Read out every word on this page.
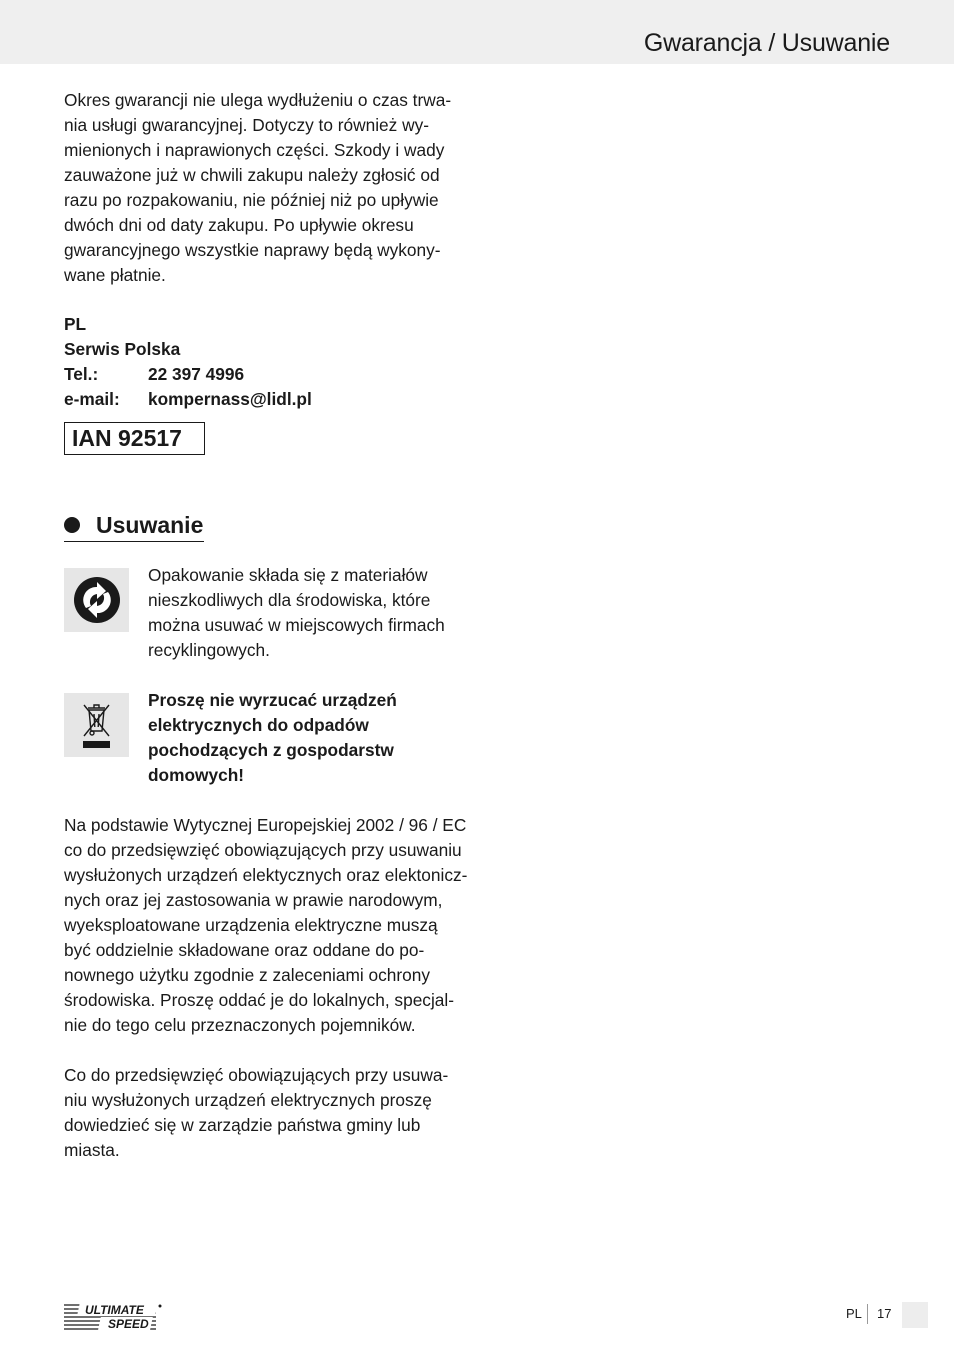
Gwarancja / Usuwanie

Okres gwarancji nie ulega wydłużeniu o czas trwa-
nia usługi gwarancyjnej. Dotyczy to również wy-
mienionych i naprawionych części. Szkody i wady
zauważone już w chwili zakupu należy zgłosić od
razu po rozpakowaniu, nie później niż po upływie
dwóch dni od daty zakupu. Po upływie okresu
gwarancyjnego wszystkie naprawy będą wykony-
wane płatnie.

PL
Serwis Polska
Tel.:	22 397 4996
e-mail:	kompernass@lidl.pl
IAN 92517
Usuwanie

Opakowanie składa się z materiałów
nieszkodliwych dla środowiska, które
można usuwać w miejscowych firmach
recyklingowych.

Proszę nie wyrzucać urządzeń
elektrycznych do odpadów
pochodzących z gospodarstw
domowych!

Na podstawie Wytycznej Europejskiej 2002 / 96 / EC
co do przedsięwzięć obowiązujących przy usuwaniu
wysłużonych urządzeń elektycznych oraz elektonicz-
nych oraz jej zastosowania w prawie narodowym,
wyeksploatowane urządzenia elektryczne muszą
być oddzielnie składowane oraz oddane do po-
nownego użytku zgodnie z zaleceniami ochrony
środowiska. Proszę oddać je do lokalnych, specjal-
nie do tego celu przeznaczonych pojemników.

Co do przedsięwzięć obowiązujących przy usuwa-
niu wysłużonych urządzeń elektrycznych proszę
dowiedzieć się w zarządzie państwa gminy lub
miasta.

ULTIMATE
SPEED
PL 17
